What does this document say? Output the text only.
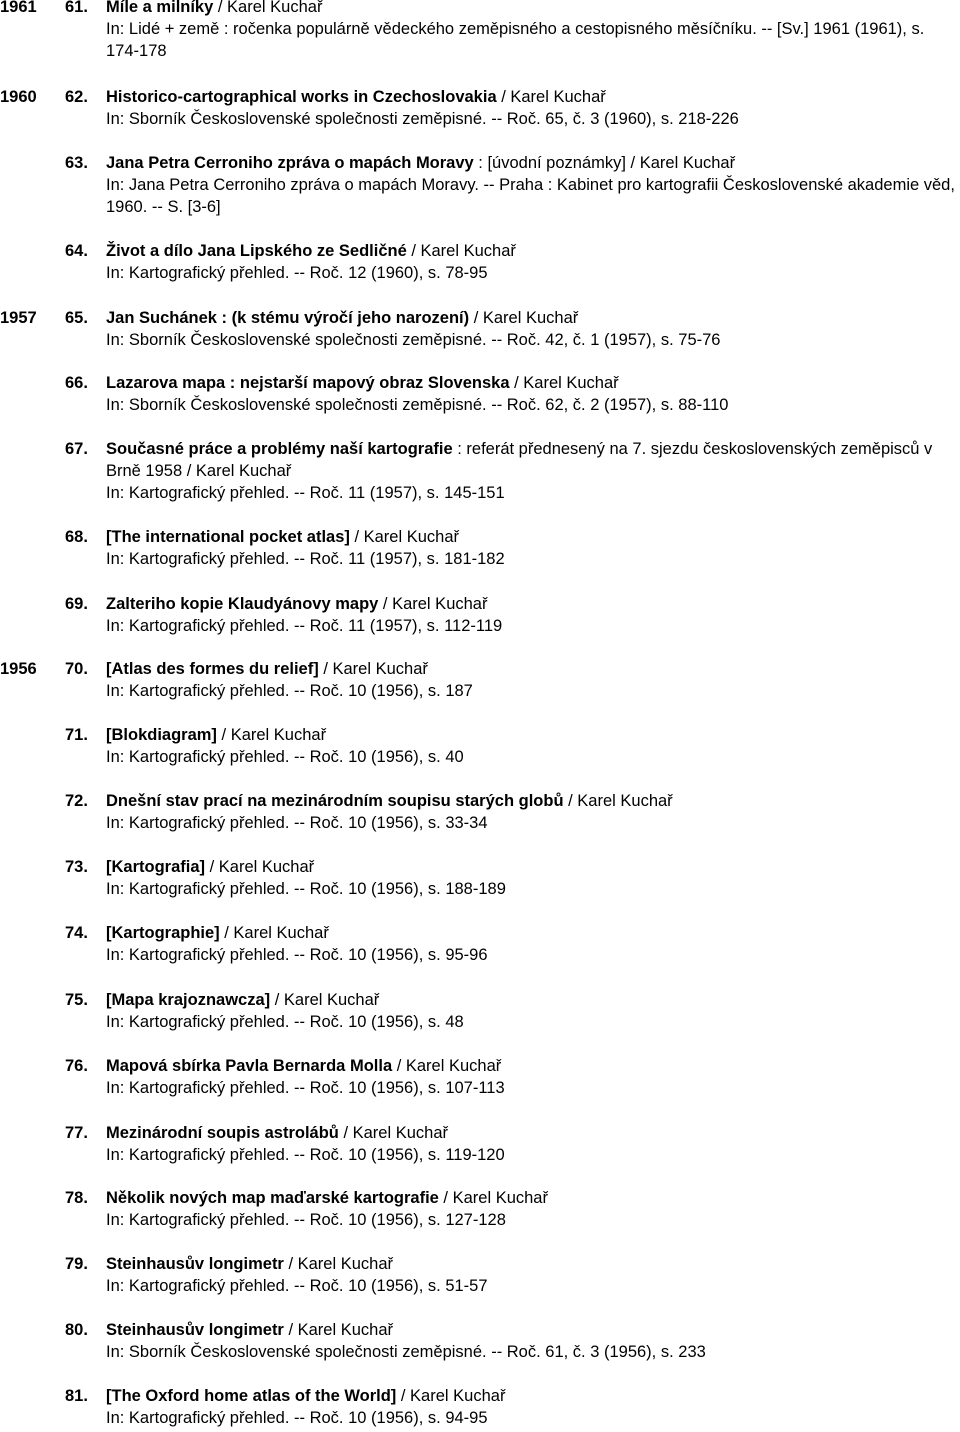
1961 61. Míle a milníky / Karel Kuchař
In: Lidé + země : ročenka populárně vědeckého zeměpisného a cestopisného měsíčníku. -- [Sv.] 1961 (1961), s. 174-178
1960 62. Historico-cartographical works in Czechoslovakia / Karel Kuchař
In: Sborník Československé společnosti zeměpisné. -- Roč. 65, č. 3 (1960), s. 218-226
63. Jana Petra Cerroniho zpráva o mapách Moravy : [úvodní poznámky] / Karel Kuchař
In: Jana Petra Cerroniho zpráva o mapách Moravy. -- Praha : Kabinet pro kartografii Československé akademie věd, 1960. -- S. [3-6]
64. Život a dílo Jana Lipského ze Sedličné / Karel Kuchař
In: Kartografický přehled. -- Roč. 12 (1960), s. 78-95
1957 65. Jan Suchánek : (k stému výročí jeho narození) / Karel Kuchař
In: Sborník Československé společnosti zeměpisné. -- Roč. 42, č. 1 (1957), s. 75-76
66. Lazarova mapa : nejstarší mapový obraz Slovenska / Karel Kuchař
In: Sborník Československé společnosti zeměpisné. -- Roč. 62, č. 2 (1957), s. 88-110
67. Současné práce a problémy naší kartografie : referát přednesený na 7. sjezdu československých zeměpisců v Brně 1958 / Karel Kuchař
In: Kartografický přehled. -- Roč. 11 (1957), s. 145-151
68. [The international pocket atlas] / Karel Kuchař
In: Kartografický přehled. -- Roč. 11 (1957), s. 181-182
69. Zalteriho kopie Klaudyánovy mapy / Karel Kuchař
In: Kartografický přehled. -- Roč. 11 (1957), s. 112-119
1956 70. [Atlas des formes du relief] / Karel Kuchař
In: Kartografický přehled. -- Roč. 10 (1956), s. 187
71. [Blokdiagram] / Karel Kuchař
In: Kartografický přehled. -- Roč. 10 (1956), s. 40
72. Dnešní stav prací na mezinárodním soupisu starých globů / Karel Kuchař
In: Kartografický přehled. -- Roč. 10 (1956), s. 33-34
73. [Kartografia] / Karel Kuchař
In: Kartografický přehled. -- Roč. 10 (1956), s. 188-189
74. [Kartographie] / Karel Kuchař
In: Kartografický přehled. -- Roč. 10 (1956), s. 95-96
75. [Mapa krajoznawcza] / Karel Kuchař
In: Kartografický přehled. -- Roč. 10 (1956), s. 48
76. Mapová sbírka Pavla Bernarda Molla / Karel Kuchař
In: Kartografický přehled. -- Roč. 10 (1956), s. 107-113
77. Mezinárodní soupis astrolábů / Karel Kuchař
In: Kartografický přehled. -- Roč. 10 (1956), s. 119-120
78. Několik nových map maďarské kartografie / Karel Kuchař
In: Kartografický přehled. -- Roč. 10 (1956), s. 127-128
79. Steinhausův longimetr / Karel Kuchař
In: Kartografický přehled. -- Roč. 10 (1956), s. 51-57
80. Steinhausův longimetr / Karel Kuchař
In: Sborník Československé společnosti zeměpisné. -- Roč. 61, č. 3 (1956), s. 233
81. [The Oxford home atlas of the World] / Karel Kuchař
In: Kartografický přehled. -- Roč. 10 (1956), s. 94-95
